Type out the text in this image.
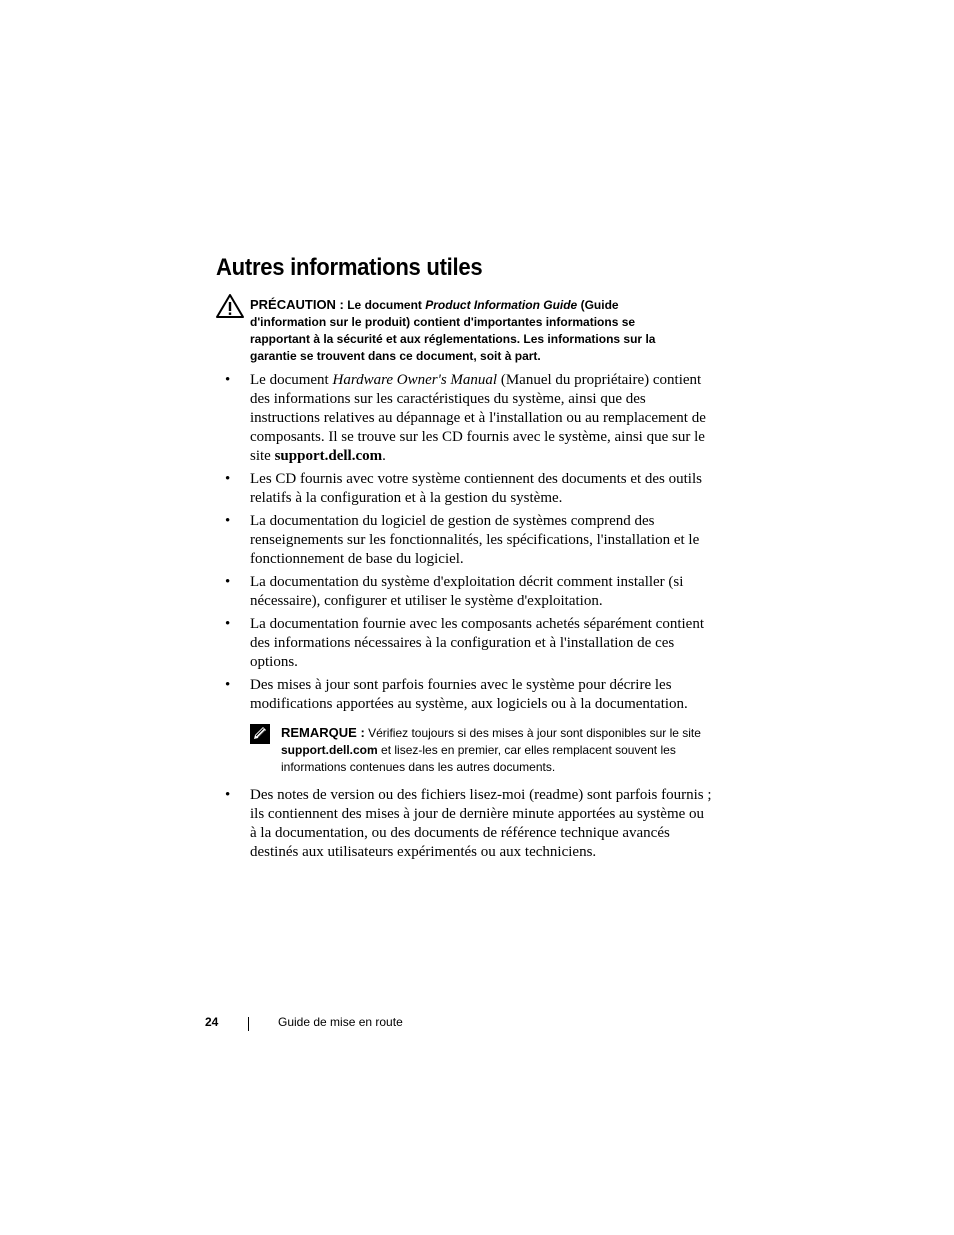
Autres informations utiles
PRÉCAUTION : Le document Product Information Guide (Guide d'information sur le produit) contient d'importantes informations se rapportant à la sécurité et aux réglementations. Les informations sur la garantie se trouvent dans ce document, soit à part.
• Le document Hardware Owner's Manual (Manuel du propriétaire) contient des informations sur les caractéristiques du système, ainsi que des instructions relatives au dépannage et à l'installation ou au remplacement de composants. Il se trouve sur les CD fournis avec le système, ainsi que sur le site support.dell.com.
• Les CD fournis avec votre système contiennent des documents et des outils relatifs à la configuration et à la gestion du système.
• La documentation du logiciel de gestion de systèmes comprend des renseignements sur les fonctionnalités, les spécifications, l'installation et le fonctionnement de base du logiciel.
• La documentation du système d'exploitation décrit comment installer (si nécessaire), configurer et utiliser le système d'exploitation.
• La documentation fournie avec les composants achetés séparément contient des informations nécessaires à la configuration et à l'installation de ces options.
• Des mises à jour sont parfois fournies avec le système pour décrire les modifications apportées au système, aux logiciels ou à la documentation.
REMARQUE : Vérifiez toujours si des mises à jour sont disponibles sur le site support.dell.com et lisez-les en premier, car elles remplacent souvent les informations contenues dans les autres documents.
• Des notes de version ou des fichiers lisez-moi (readme) sont parfois fournis ; ils contiennent des mises à jour de dernière minute apportées au système ou à la documentation, ou des documents de référence technique avancés destinés aux utilisateurs expérimentés ou aux techniciens.
24	Guide de mise en route
